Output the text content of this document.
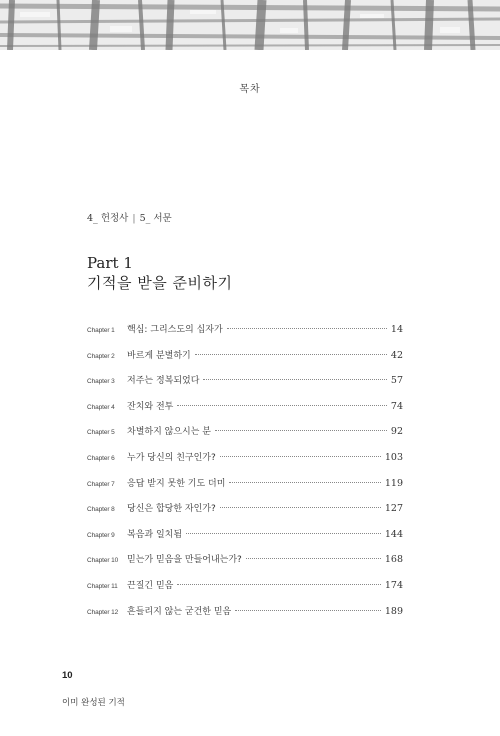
목차
4_ 헌정사 | 5_ 서문
Part 1
기적을 받을 준비하기
Chapter 1	핵심: 그리스도의 십자가	14
Chapter 2	바르게 분별하기	42
Chapter 3	저주는 정복되었다	57
Chapter 4	잔치와 전투	74
Chapter 5	차별하지 않으시는 분	92
Chapter 6	누가 당신의 친구인가?	103
Chapter 7	응답 받지 못한 기도 더미	119
Chapter 8	당신은 합당한 자인가?	127
Chapter 9	복음과 일치됨	144
Chapter 10 믿는가 믿음을 만들어내는가?	168
Chapter 11	끈질긴 믿음	174
Chapter 12 흔들리지 않는 굳건한 믿음	189
10
이미 완성된 기적
